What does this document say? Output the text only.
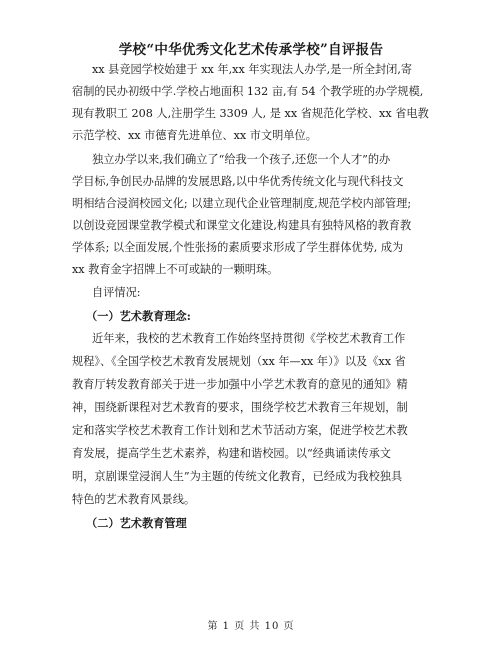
学校“中华优秀文化艺术传承学校”自评报告
xx 县竞园学校始建于 xx 年,xx 年实现法人办学,是一所全封闭,寄
宿制的民办初级中学.学校占地面积 132 亩,有 54 个教学班的办学规模,
现有教职工 208 人,注册学生 3309 人, 是 xx 省规范化学校、xx 省电教
示范学校、xx 市德育先进单位、xx 市文明单位。
独立办学以来,我们确立了“给我一个孩子,还您一个人才”的办
学目标,争创民办品牌的发展思路,以中华优秀传统文化与现代科技文
明相结合浸润校园文化; 以建立现代企业管理制度,规范学校内部管理;
以创设竞园课堂教学模式和课堂文化建设,构建具有独特风格的教育教
学体系; 以全面发展,个性张扬的素质要求形成了学生群体优势, 成为
xx 教育金字招牌上不可或缺的一颗明珠。
自评情况:
（一）艺术教育理念:
近年来，我校的艺术教育工作始终坚持贯彻《学校艺术教育工作
规程》、《全国学校艺术教育发展规划（xx 年—xx 年）》以及《xx 省
教育厅转发教育部关于进一步加强中小学艺术教育的意见的通知》精
神，围绕新课程对艺术教育的要求，围绕学校艺术教育三年规划，制
定和落实学校艺术教育工作计划和艺术节活动方案，促进学校艺术教
育发展，提高学生艺术素养，构建和谐校园。以“经典诵读传承文
明，京剧课堂浸润人生”为主题的传统文化教育，已经成为我校独具
特色的艺术教育风景线。
（二）艺术教育管理
第 1 页 共 10 页
